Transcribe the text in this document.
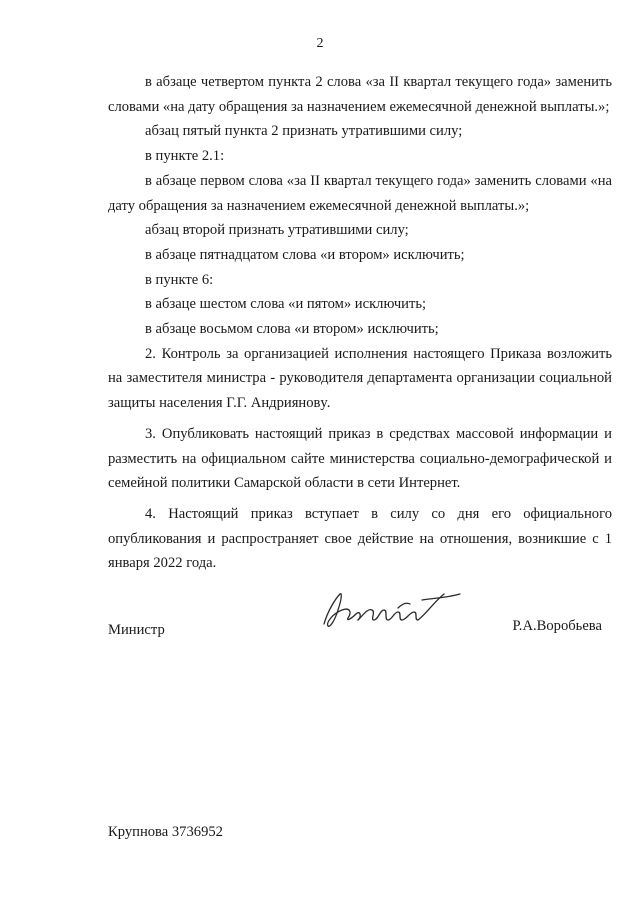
2

в абзаце четвертом пункта 2 слова «за II квартал текущего года» заменить словами «на дату обращения за назначением ежемесячной денежной выплаты.»;

абзац пятый пункта 2 признать утратившими силу;

в пункте 2.1:

в абзаце первом слова «за II квартал текущего года» заменить словами «на дату обращения за назначением ежемесячной денежной выплаты.»;

абзац второй признать утратившими силу;

в абзаце пятнадцатом слова «и втором» исключить;

в пункте 6:

в абзаце шестом слова «и пятом» исключить;

в абзаце восьмом слова «и втором» исключить;

2. Контроль за организацией исполнения настоящего Приказа возложить на заместителя министра - руководителя департамента организации социальной защиты населения Г.Г. Андрияновy.

3. Опубликовать настоящий приказ в средствах массовой информации и разместить на официальном сайте министерства социально-демографической и семейной политики Самарской области в сети Интернет.

4. Настоящий приказ вступает в силу со дня его официального опубликования и распространяет свое действие на отношения, возникшие с 1 января 2022 года.

Министр	Р.А.Воробьева
Крупнова 3736952
